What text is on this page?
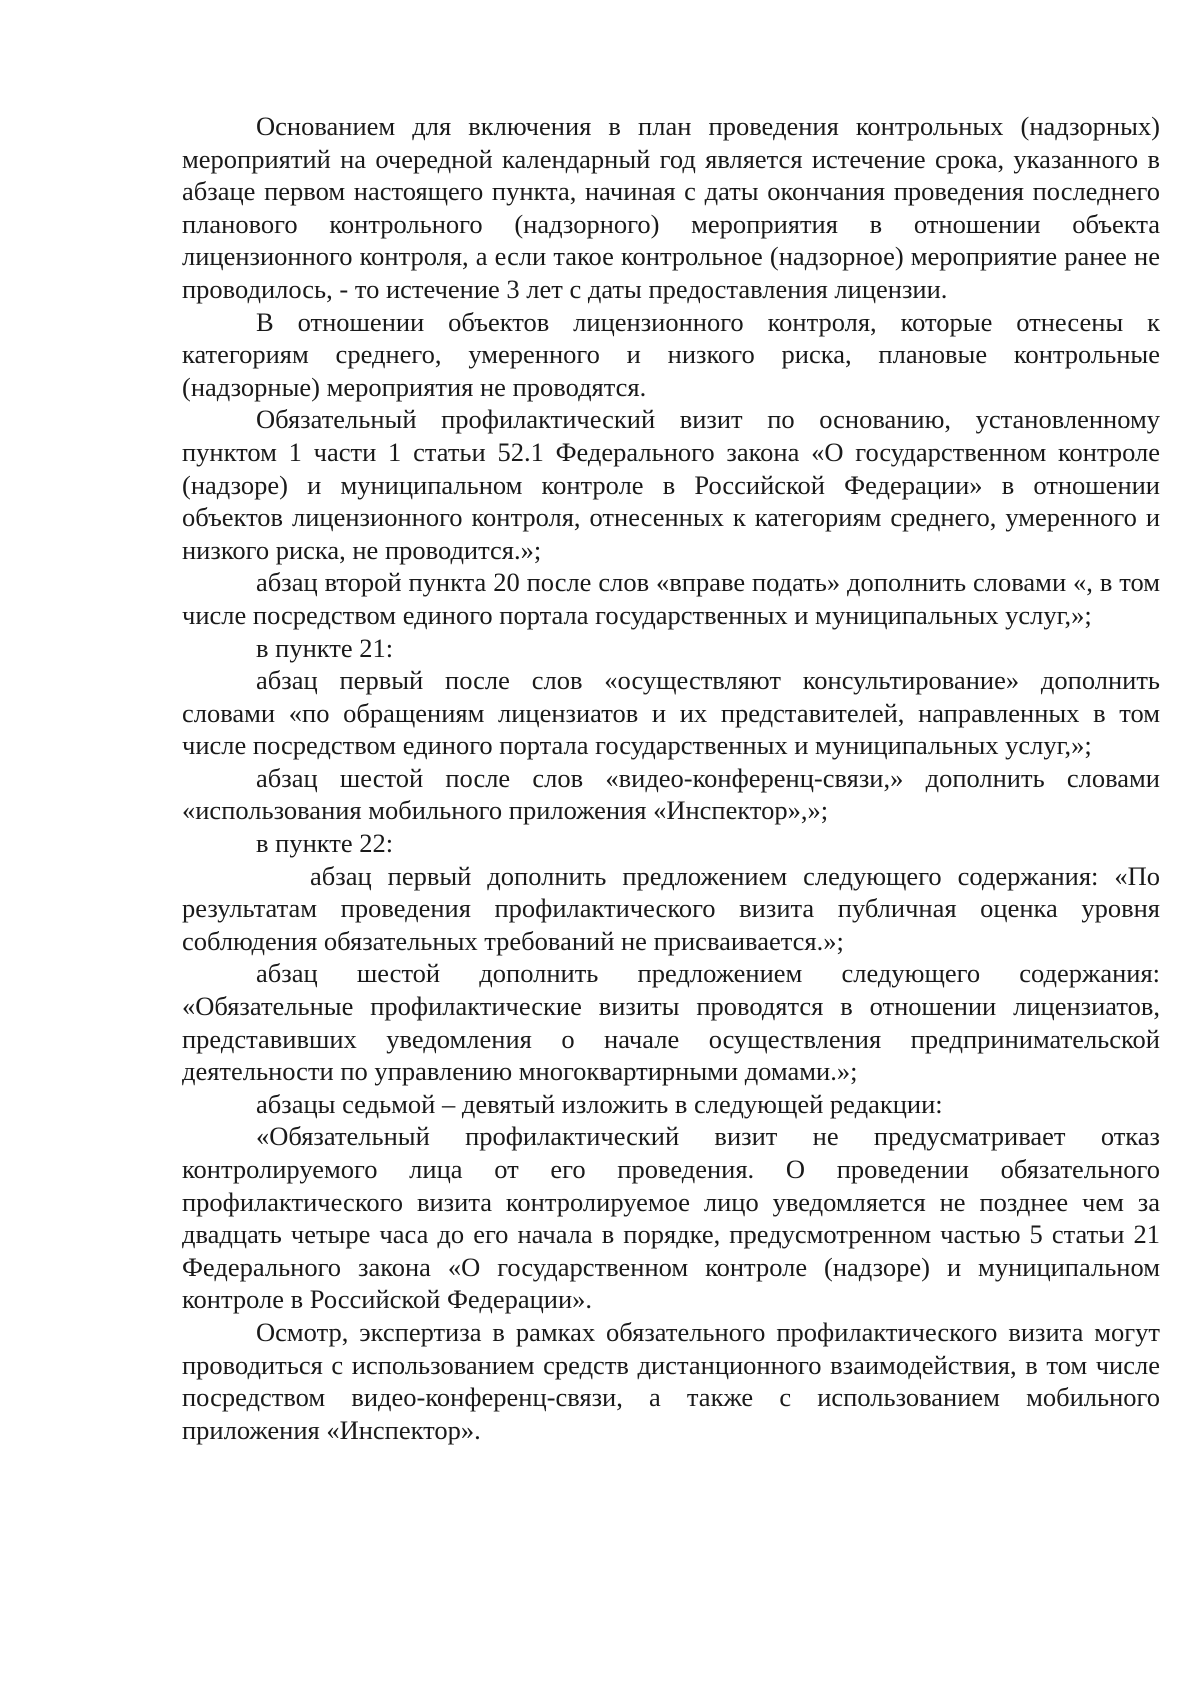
Основанием для включения в план проведения контрольных (надзорных) мероприятий на очередной календарный год является истечение срока, указанного в абзаце первом настоящего пункта, начиная с даты окончания проведения последнего планового контрольного (надзорного) мероприятия в отношении объекта лицензионного контроля, а если такое контрольное (надзорное) мероприятие ранее не проводилось, - то истечение 3 лет с даты предоставления лицензии.

В отношении объектов лицензионного контроля, которые отнесены к категориям среднего, умеренного и низкого риска, плановые контрольные (надзорные) мероприятия не проводятся.

Обязательный профилактический визит по основанию, установленному пунктом 1 части 1 статьи 52.1 Федерального закона «О государственном контроле (надзоре) и муниципальном контроле в Российской Федерации» в отношении объектов лицензионного контроля, отнесенных к категориям среднего, умеренного и низкого риска, не проводится.»;

абзац второй пункта 20 после слов «вправе подать» дополнить словами «, в том числе посредством единого портала государственных и муниципальных услуг,»;

в пункте 21:

абзац первый после слов «осуществляют консультирование» дополнить словами «по обращениям лицензиатов и их представителей, направленных в том числе посредством единого портала государственных и муниципальных услуг,»;

абзац шестой после слов «видео-конференц-связи,» дополнить словами «использования мобильного приложения «Инспектор»,»;

в пункте 22:

абзац первый дополнить предложением следующего содержания: «По результатам проведения профилактического визита публичная оценка уровня соблюдения обязательных требований не присваивается.»;

абзац шестой дополнить предложением следующего содержания: «Обязательные профилактические визиты проводятся в отношении лицензиатов, представивших уведомления о начале осуществления предпринимательской деятельности по управлению многоквартирными домами.»;

абзацы седьмой – девятый изложить в следующей редакции:

«Обязательный профилактический визит не предусматривает отказ контролируемого лица от его проведения. О проведении обязательного профилактического визита контролируемое лицо уведомляется не позднее чем за двадцать четыре часа до его начала в порядке, предусмотренном частью 5 статьи 21 Федерального закона «О государственном контроле (надзоре) и муниципальном контроле в Российской Федерации».

Осмотр, экспертиза в рамках обязательного профилактического визита могут проводиться с использованием средств дистанционного взаимодействия, в том числе посредством видео-конференц-связи, а также с использованием мобильного приложения «Инспектор».
